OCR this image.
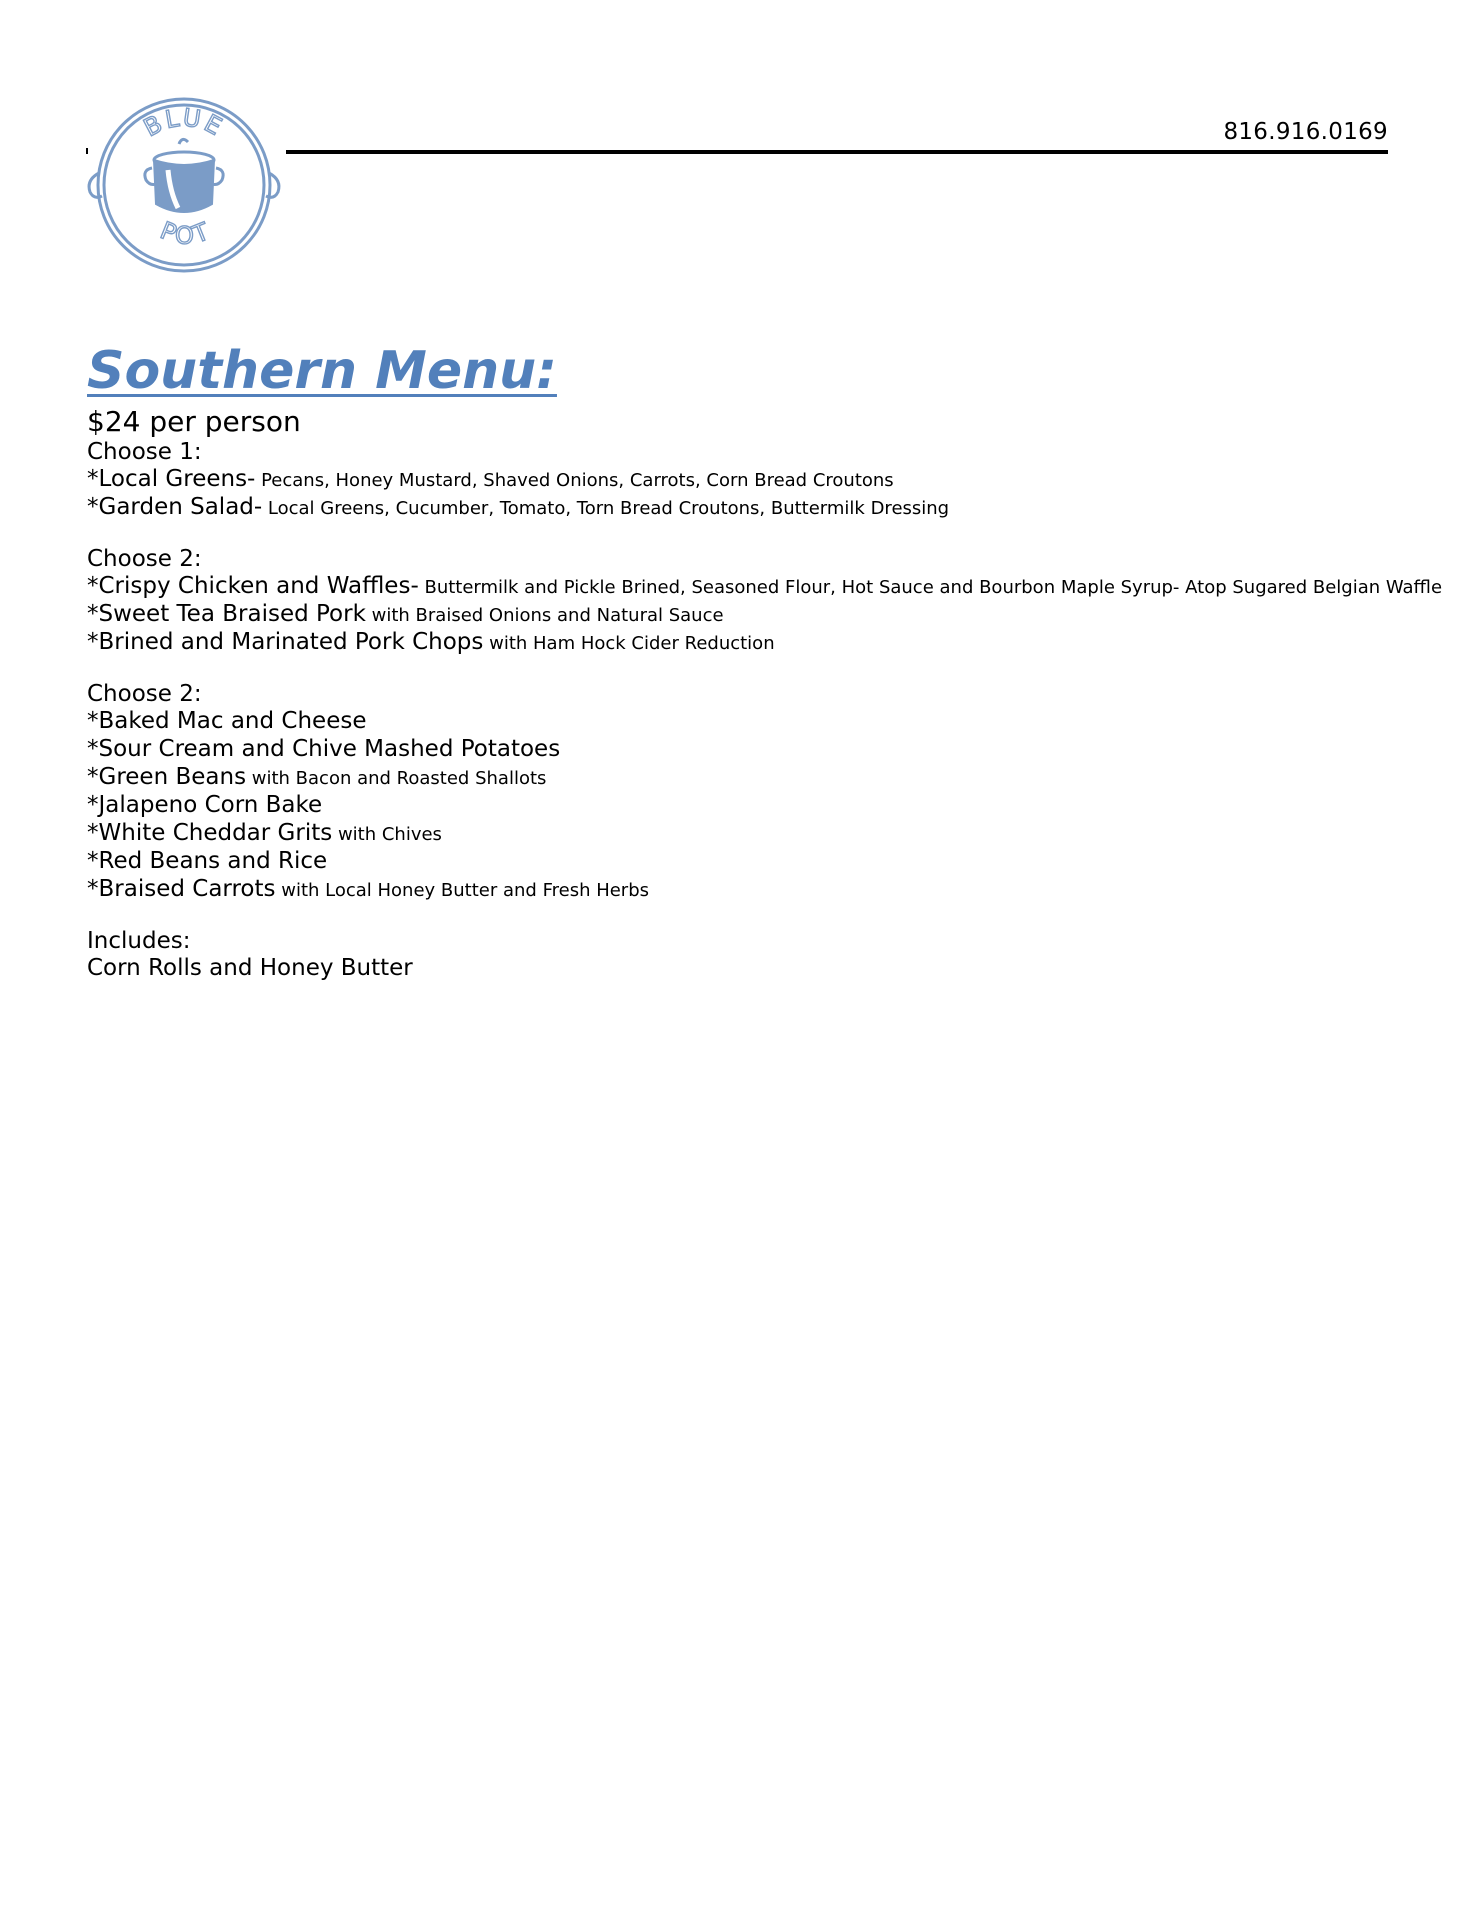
BLUE
POT
816.916.0169
Southern Menu:
$24 per person
Choose 1:
*Local Greens- Pecans, Honey Mustard, Shaved Onions, Carrots, Corn Bread Croutons
*Garden Salad- Local Greens, Cucumber, Tomato, Torn Bread Croutons, Buttermilk Dressing
Choose 2:
*Crispy Chicken and Waffles- Buttermilk and Pickle Brined, Seasoned Flour, Hot Sauce and Bourbon Maple Syrup- Atop Sugared Belgian Waffle
*Sweet Tea Braised Pork with Braised Onions and Natural Sauce
*Brined and Marinated Pork Chops with Ham Hock Cider Reduction
Choose 2:
*Baked Mac and Cheese
*Sour Cream and Chive Mashed Potatoes
*Green Beans with Bacon and Roasted Shallots
*Jalapeno Corn Bake
*White Cheddar Grits with Chives
*Red Beans and Rice
*Braised Carrots with Local Honey Butter and Fresh Herbs
Includes:
Corn Rolls and Honey Butter
